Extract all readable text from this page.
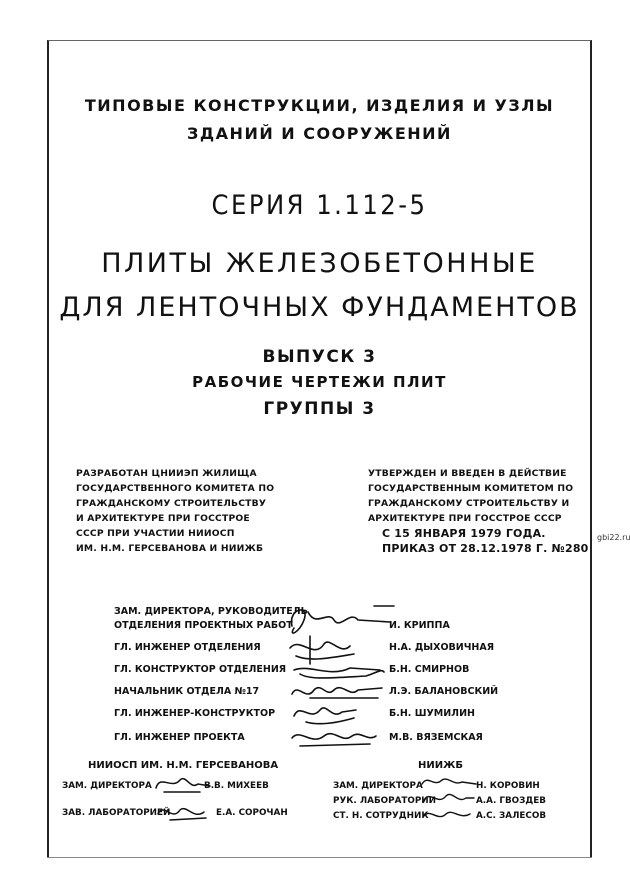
ТИПОВЫЕ КОНСТРУКЦИИ, ИЗДЕЛИЯ И УЗЛЫ

ЗДАНИЙ И СООРУЖЕНИЙ

СЕРИЯ 1.112-5

ПЛИТЫ ЖЕЛЕЗОБЕТОННЫЕ

ДЛЯ ЛЕНТОЧНЫХ ФУНДАМЕНТОВ

ВЫПУСК 3

РАБОЧИЕ ЧЕРТЕЖИ ПЛИТ

ГРУППЫ 3

РАЗРАБОТАН ЦНИИЭП ЖИЛИЩА
ГОСУДАРСТВЕННОГО КОМИТЕТА ПО
ГРАЖДАНСКОМУ СТРОИТЕЛЬСТВУ
И АРХИТЕКТУРЕ ПРИ ГОССТРОЕ
СССР ПРИ УЧАСТИИ НИИОСП
ИМ. Н.М. ГЕРСЕВАНОВА И НИИЖБ
УТВЕРЖДЕН И ВВЕДЕН В ДЕЙСТВИЕ
ГОСУДАРСТВЕННЫМ КОМИТЕТОМ ПО
ГРАЖДАНСКОМУ СТРОИТЕЛЬСТВУ И
АРХИТЕКТУРЕ ПРИ ГОССТРОЕ СССР
С 15 ЯНВАРЯ 1979 ГОДА.
ПРИКАЗ ОТ 28.12.1978 Г. №280
gbi22.ru
ЗАМ. ДИРЕКТОРА, РУКОВОДИТЕЛЬ
ОТДЕЛЕНИЯ ПРОЕКТНЫХ РАБОТ	И. КРИППА
ГЛ. ИНЖЕНЕР ОТДЕЛЕНИЯ	Н.А. ДЫХОВИЧНАЯ
ГЛ. КОНСТРУКТОР ОТДЕЛЕНИЯ	Б.Н. СМИРНОВ
НАЧАЛЬНИК ОТДЕЛА №17	Л.Э. БАЛАНОВСКИЙ
ГЛ. ИНЖЕНЕР-КОНСТРУКТОР	Б.Н. ШУМИЛИН
ГЛ. ИНЖЕНЕР ПРОЕКТА	М.В. ВЯЗЕМСКАЯ
НИИОСП ИМ. Н.М. ГЕРСЕВАНОВА
ЗАМ. ДИРЕКТОРА	В.В. МИХЕЕВ
ЗАВ. ЛАБОРАТОРИЕЙ	Е.А. СОРОЧАН
НИИЖБ
ЗАМ. ДИРЕКТОРА	Н. КОРОВИН
РУК. ЛАБОРАТОРИИ	А.А. ГВОЗДЕВ
СТ. Н. СОТРУДНИК	А.С. ЗАЛЕСОВ
